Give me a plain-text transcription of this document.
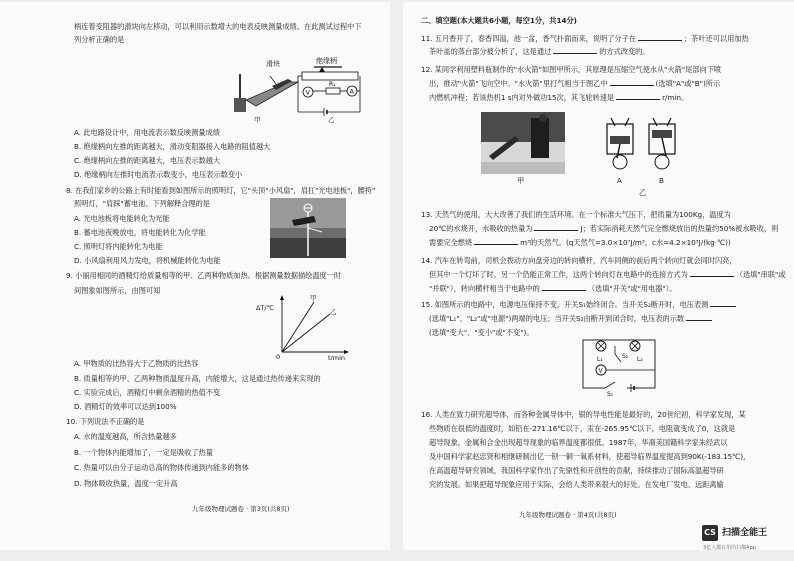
柄连着变阻器的滑块向左移动，可以利用示数增大的电表反映测量成绩。在此测试过程中下
列分析正确的是
滑块	绝缘柄
V
R₁
A
甲	乙
A. 此电路设计中，用电流表示数反映测量成绩
B. 绝缘柄向左推的距离越大，滑动变阻器接入电路的阻值越大
C. 绝缘柄向左推的距离越大，电压表示数越大
D. 绝缘柄向左推时电流表示数变小，电压表示数变小
8. 在我们家乡的公路上有时能看到如图所示的照明灯，它"头顶"小风扇"，肩扛"光电池板"，腰挎"
照明灯，"肩踩"蓄电池。下列解释合理的是
A. 光电池板将电能转化为光能
B. 蓄电池夜晚放电，将电能转化为化学能
C. 照明灯将内能转化为电能
D. 小风扇利用风力发电，将机械能转化为电能
9. 小丽用相同的酒精灯给质量相等的甲、乙两种物质加热。根据测量数据描绘温度一时
间图象如图所示，由图可知
ΔT/℃
t/min
0
甲
乙
A. 甲物质的比热容大于乙物质的比热容
B. 质量相等的甲、乙两种物质温度升高，内能增大，这是通过热传递来实现的
C. 实验完成后，酒精灯中剩余酒精的热值不变
D. 酒精灯的效率可以达到100%
10. 下列说法不正确的是
A. 水的温度越高，所含热量越多
B. 一个物体内能增加了，一定是吸收了热量
C. 热量可以由分子运动总高的物体传递到内能多的物体
D. 物体吸收热量，温度一定升高
九年级物理试题卷 · 第3页(共8页)
二、填空题(本大题共6小题，每空1分，共14分)
11. 五月香开了，春香四溢，池一盆，香气扑面而来，说明了分子在	；茶叶还可以用加热
茶叶盖的蒸台部分被分析了，这是通过	的方式改变的。
12. 某同学利用塑料瓶制作的"水火箭"如图甲所示，其原理是压缩空气使水从"火箭"尾部向下喷
出，推动"火箭"飞向空中。"水火箭"里打气相当于图乙中	(选填"A"或"B")所示
内燃机冲程；若该热机1 s内对外做功15次，其飞轮转速是	r/min。
甲	A	B
乙
13. 天然气的使用，大大改善了我们的生活环境。在一个标准大气压下，把质量为100Kg，温度为
20℃的水烧开，水吸收的热量为	J；若实际消耗天然气完全燃烧放出的热量约50%被水吸收，则
需要完全燃烧	m³的天然气。(q天然气=3.0×10⁷J/m³，c水=4.2×10³J/(kg·℃))
14. 汽车在转弯前，司机会拨动方向盘旁边的转向横杆，汽车同侧的前后两个转向灯就会同时闪亮，
但其中一个灯坏了时，另一个仍能正常工作，这两个转向灯在电路中的连接方式为	（选填"串联"或
"并联"），转向横杆相当于电路中的	（选填"开关"或"用电器"）。
15. 如图所示的电路中，电源电压保持不变，开关S₁始终闭合。当开关S₂断开时，电压表测
(选填"L₁"、"L₂"或"电源")两端的电压；当开关S₂由断开到闭合时，电压表的示数
(选填"变大"、"变小"或"不变")。
L₁	L₂
S₂
V
S₁
16. 人类在致力研究超导体，而各种金属导体中，银的导电性能是最好的，20世纪初，科学家发现，某
些物质在很低的温度时，如铅在-271.16℃以下，汞在-265.95℃以下，电阻就变成了0，这就是
超导现象。金属和合金出现超导现象的临界温度都很低。1987年，华裔美国籍科学家朱经武以
及中国科学家赵忠贤和相继研制出亿一钡一铜一氧系材料，使超导临界温度提高到90K(-183.15℃)，
在高温超导研究领域，我国科学家作出了先驱性和开创性的贡献，持续推动了国际高温超导研
究的发展。如果把超导现象应用于实际，会给人类带来很大的好处。在发电厂发电、远距离输
九年级物理试题卷 · 第4页(共8页)
CS 扫描全能王
3亿人都在用的扫描App
